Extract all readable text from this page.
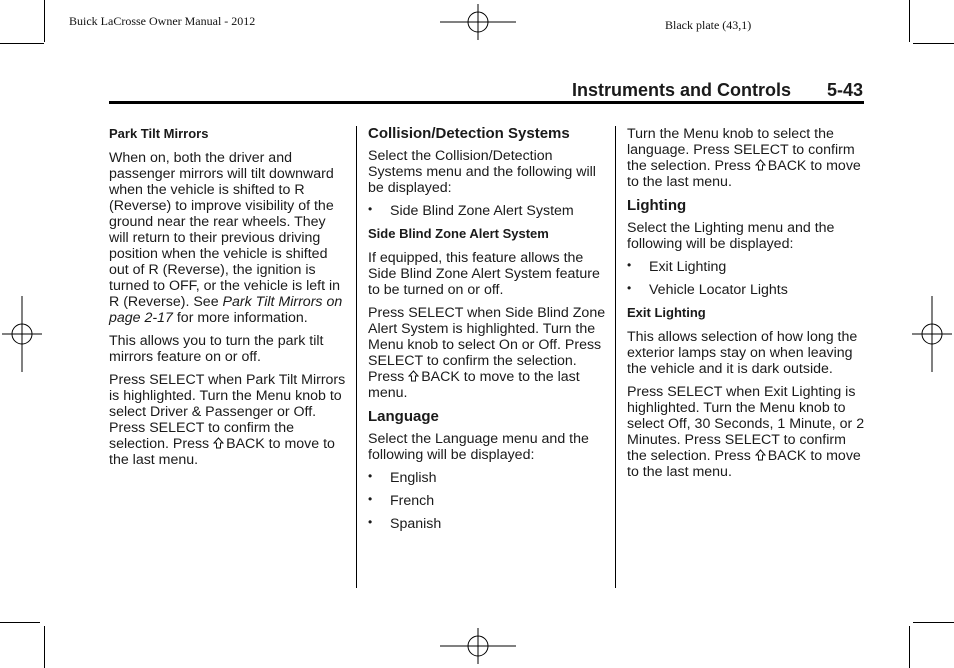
Buick LaCrosse Owner Manual - 2012	Black plate (43,1)
Instruments and Controls 5-43
Park Tilt Mirrors

When on, both the driver and passenger mirrors will tilt downward when the vehicle is shifted to R (Reverse) to improve visibility of the ground near the rear wheels. They will return to their previous driving position when the vehicle is shifted out of R (Reverse), the ignition is turned to OFF, or the vehicle is left in R (Reverse). See Park Tilt Mirrors on page 2-17 for more information.

This allows you to turn the park tilt mirrors feature on or off.

Press SELECT when Park Tilt Mirrors is highlighted. Turn the Menu knob to select Driver & Passenger or Off. Press SELECT to confirm the selection. Press BACK to move to the last menu.

Collision/Detection Systems

Select the Collision/Detection Systems menu and the following will be displayed:

• Side Blind Zone Alert System
Side Blind Zone Alert System

If equipped, this feature allows the Side Blind Zone Alert System feature to be turned on or off.

Press SELECT when Side Blind Zone Alert System is highlighted. Turn the Menu knob to select On or Off. Press SELECT to confirm the selection. Press BACK to move to the last menu.

Language

Select the Language menu and the following will be displayed:

• English
• French
• Spanish

Turn the Menu knob to select the language. Press SELECT to confirm the selection. Press BACK to move to the last menu.

Lighting

Select the Lighting menu and the following will be displayed:

• Exit Lighting
• Vehicle Locator Lights
Exit Lighting

This allows selection of how long the exterior lamps stay on when leaving the vehicle and it is dark outside.

Press SELECT when Exit Lighting is highlighted. Turn the Menu knob to select Off, 30 Seconds, 1 Minute, or 2 Minutes. Press SELECT to confirm the selection. Press BACK to move to the last menu.
